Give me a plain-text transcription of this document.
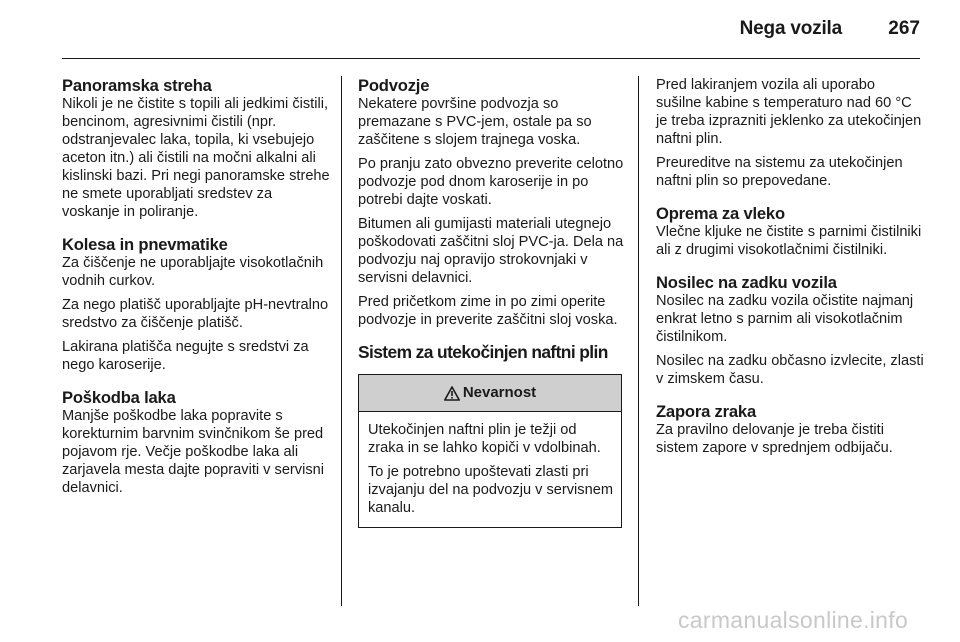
Nega vozila 267
Panoramska streha

Nikoli je ne čistite s topili ali jedkimi čistili, bencinom, agresivnimi čistili (npr. odstranjevalec laka, topila, ki vsebujejo aceton itn.) ali čistili na močni alkalni ali kislinski bazi. Pri negi panoramske strehe ne smete uporabljati sredstev za voskanje in poliranje.

Kolesa in pnevmatike

Za čiščenje ne uporabljajte visokotlačnih vodnih curkov.

Za nego platišč uporabljajte pH-nevtralno sredstvo za čiščenje platišč.

Lakirana platišča negujte s sredstvi za nego karoserije.

Poškodba laka

Manjše poškodbe laka popravite s korekturnim barvnim svinčnikom še pred pojavom rje. Večje poškodbe laka ali zarjavela mesta dajte popraviti v servisni delavnici.

Podvozje

Nekatere površine podvozja so premazane s PVC-jem, ostale pa so zaščitene s slojem trajnega voska.

Po pranju zato obvezno preverite celotno podvozje pod dnom karoserije in po potrebi dajte voskati.

Bitumen ali gumijasti materiali utegnejo poškodovati zaščitni sloj PVC-ja. Dela na podvozju naj opravijo strokovnjaki v servisni delavnici.

Pred pričetkom zime in po zimi operite podvozje in preverite zaščitni sloj voska.

Sistem za utekočinjen naftni plin
Nevarnost

Utekočinjen naftni plin je težji od zraka in se lahko kopiči v vdolbinah.

To je potrebno upoštevati zlasti pri izvajanju del na podvozju v servisnem kanalu.

Pred lakiranjem vozila ali uporabo sušilne kabine s temperaturo nad 60 °C je treba izprazniti jeklenko za utekočinjen naftni plin.

Preureditve na sistemu za utekočinjen naftni plin so prepovedane.

Oprema za vleko

Vlečne kljuke ne čistite s parnimi čistilniki ali z drugimi visokotlačnimi čistilniki.

Nosilec na zadku vozila

Nosilec na zadku vozila očistite najmanj enkrat letno s parnim ali visokotlačnim čistilnikom.

Nosilec na zadku občasno izvlecite, zlasti v zimskem času.

Zapora zraka

Za pravilno delovanje je treba čistiti sistem zapore v sprednjem odbijaču.

carmanualsonline.info
